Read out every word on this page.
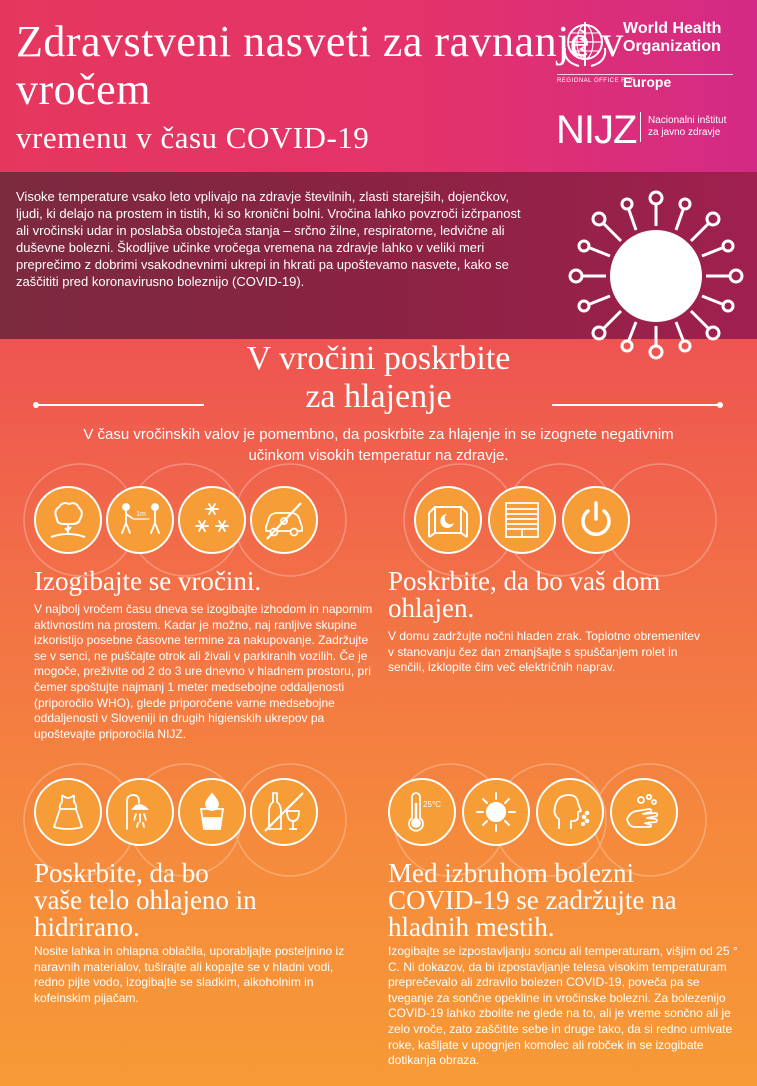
Zdravstveni nasveti za ravnanje v vročem
vremenu v času COVID-19
World Health
Organization
REGIONAL OFFICE FOR
Europe
NIJZ Nacionalni inštitut
za javno zdravje

Visoke temperature vsako leto vplivajo na zdravje številnih, zlasti starejših, dojenčkov, ljudi, ki delajo na prostem in tistih, ki so kronični bolni. Vročina lahko povzroči izčrpanost ali vročinski udar in poslabša obstoječa stanja – srčno žilne, respiratorne, ledvične ali duševne bolezni. Škodljive učinke vročega vremena na zdravje lahko v veliki meri preprečimo z dobrimi vsakodnevnimi ukrepi in hkrati pa upoštevamo nasvete, kako se zaščititi pred koronavirusno boleznijo (COVID-19).

V vročini poskrbite
za hlajenje

V času vročinskih valov je pomembno, da poskrbite za hlajenje in se izognete negativnim učinkom visokih temperatur na zdravje.

1m
Izogibajte se vročini.

V najbolj vročem času dneva se izogibajte izhodom in napornim aktivnostim na prostem. Kadar je možno, naj ranljive skupine izkoristijo posebne časovne termine za nakupovanje. Zadržujte se v senci, ne puščajte otrok ali živali v parkiranih vozilih. Če je mogoče, preživite od 2 do 3 ure dnevno v hladnem prostoru, pri čemer spoštujte najmanj 1 meter medsebojne oddaljenosti (priporočilo WHO), glede priporočene varne medsebojne oddaljenosti v Sloveniji in drugih higienskih ukrepov pa upoštevajte priporočila NIJZ.

Poskrbite, da bo vaš dom
ohlajen.

V domu zadržujte nočni hladen zrak. Toplotno obremenitev v stanovanju čez dan zmanjšajte s spuščanjem rolet in senčili, izklopite čim več električnih naprav.

25°C
Poskrbite, da bo
vaše telo ohlajeno in
hidrirano.

Nosite lahka in ohlapna oblačila, uporabljajte posteljnino iz naravnih materialov, tuširajte ali kopajte se v hladni vodi, redno pijte vodo, izogibajte se sladkim, alkoholnim in kofeinskim pijačam.

Med izbruhom bolezni
COVID-19 se zadržujte na
hladnih mestih.

Izogibajte se izpostavljanju soncu ali temperaturam, višjim od 25 ° C. Ni dokazov, da bi izpostavljanje telesa visokim temperaturam preprečevalo ali zdravilo bolezen COVID-19, poveča pa se tveganje za sončne opekline in vročinske bolezni. Za bolezenijo COVID-19 lahko zbolite ne glede na to, ali je vreme sončno ali je zelo vroče, zato zaščitite sebe in druge tako, da si redno umivate roke, kašljate v upognjen komolec ali robček in se izogibate dotikanja obraza.
